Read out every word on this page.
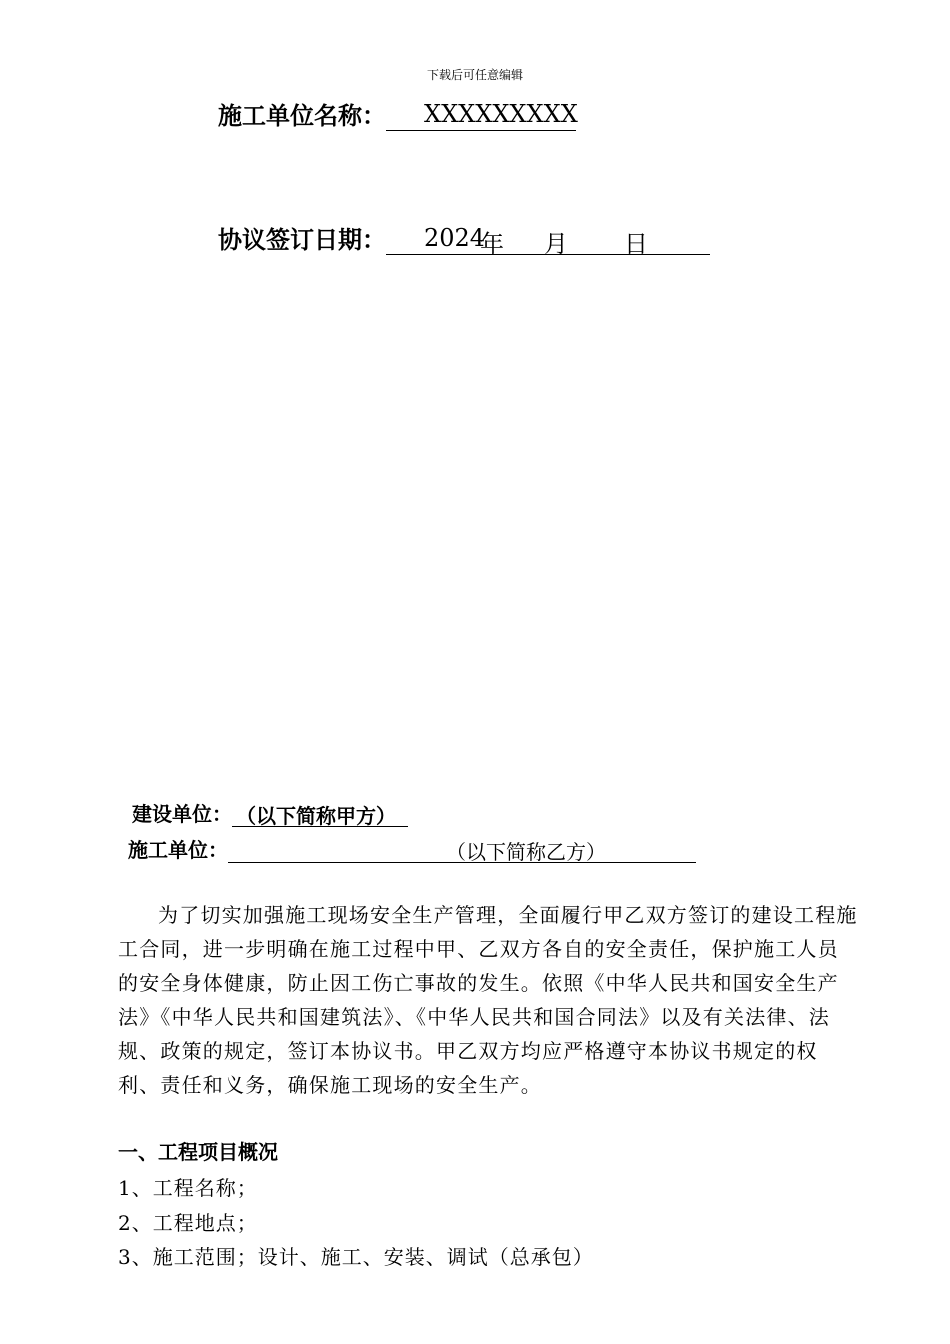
下载后可任意编辑
施工单位名称： XXXXXXXXX
协议签订日期： 2024
年 月 日
建设单位： （以下简称甲方）
施工单位：	（以下简称乙方）

为了切实加强施工现场安全生产管理，全面履行甲乙双方签订的建设工程施工合同，进一步明确在施工过程中甲、乙双方各自的安全责任，保护施工人员的安全身体健康，防止因工伤亡事故的发生。依照《中华人民共和国安全生产法》《中华人民共和国建筑法》、《中华人民共和国合同法》以及有关法律、法规、政策的规定，签订本协议书。甲乙双方均应严格遵守本协议书规定的权利、责任和义务，确保施工现场的安全生产。

一、工程项目概况
1、工程名称；
2、工程地点；
3、施工范围；设计、施工、安装、调试（总承包）
